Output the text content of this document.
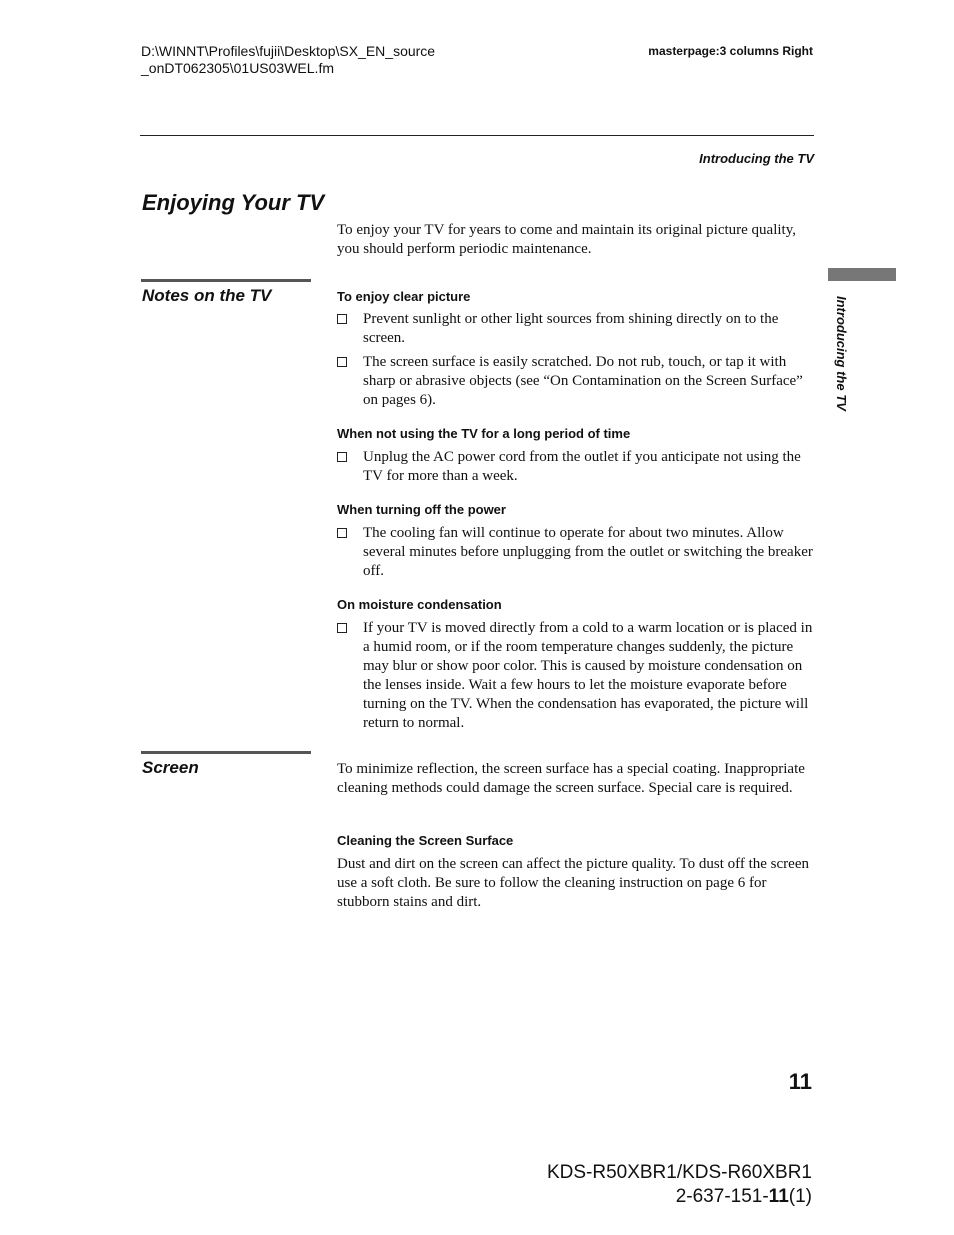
D:\WINNT\Profiles\fujii\Desktop\SX_EN_source
_onDT062305\01US03WEL.fm
masterpage:3 columns Right
Introducing the TV
Enjoying Your TV
To enjoy your TV for years to come and maintain its original picture quality, you should perform periodic maintenance.
Introducing the TV
Notes on the TV	To enjoy clear picture
Prevent sunlight or other light sources from shining directly on to the screen.
The screen surface is easily scratched. Do not rub, touch, or tap it with sharp or abrasive objects (see “On Contamination on the Screen Surface” on pages 6).
When not using the TV for a long period of time
Unplug the AC power cord from the outlet if you anticipate not using the TV for more than a week.
When turning off the power
The cooling fan will continue to operate for about two minutes. Allow several minutes before unplugging from the outlet or switching the breaker off.
On moisture condensation
If your TV is moved directly from a cold to a warm location or is placed in a humid room, or if the room temperature changes suddenly, the picture may blur or show poor color. This is caused by moisture condensation on the lenses inside. Wait a few hours to let the moisture evaporate before turning on the TV. When the condensation has evaporated, the picture will return to normal.
Screen	To minimize reflection, the screen surface has a special coating. Inappropriate cleaning methods could damage the screen surface. Special care is required.
Cleaning the Screen Surface
Dust and dirt on the screen can affect the picture quality. To dust off the screen use a soft cloth. Be sure to follow the cleaning instruction on page 6 for stubborn stains and dirt.
11
KDS-R50XBR1/KDS-R60XBR1
2-637-151-11(1)
